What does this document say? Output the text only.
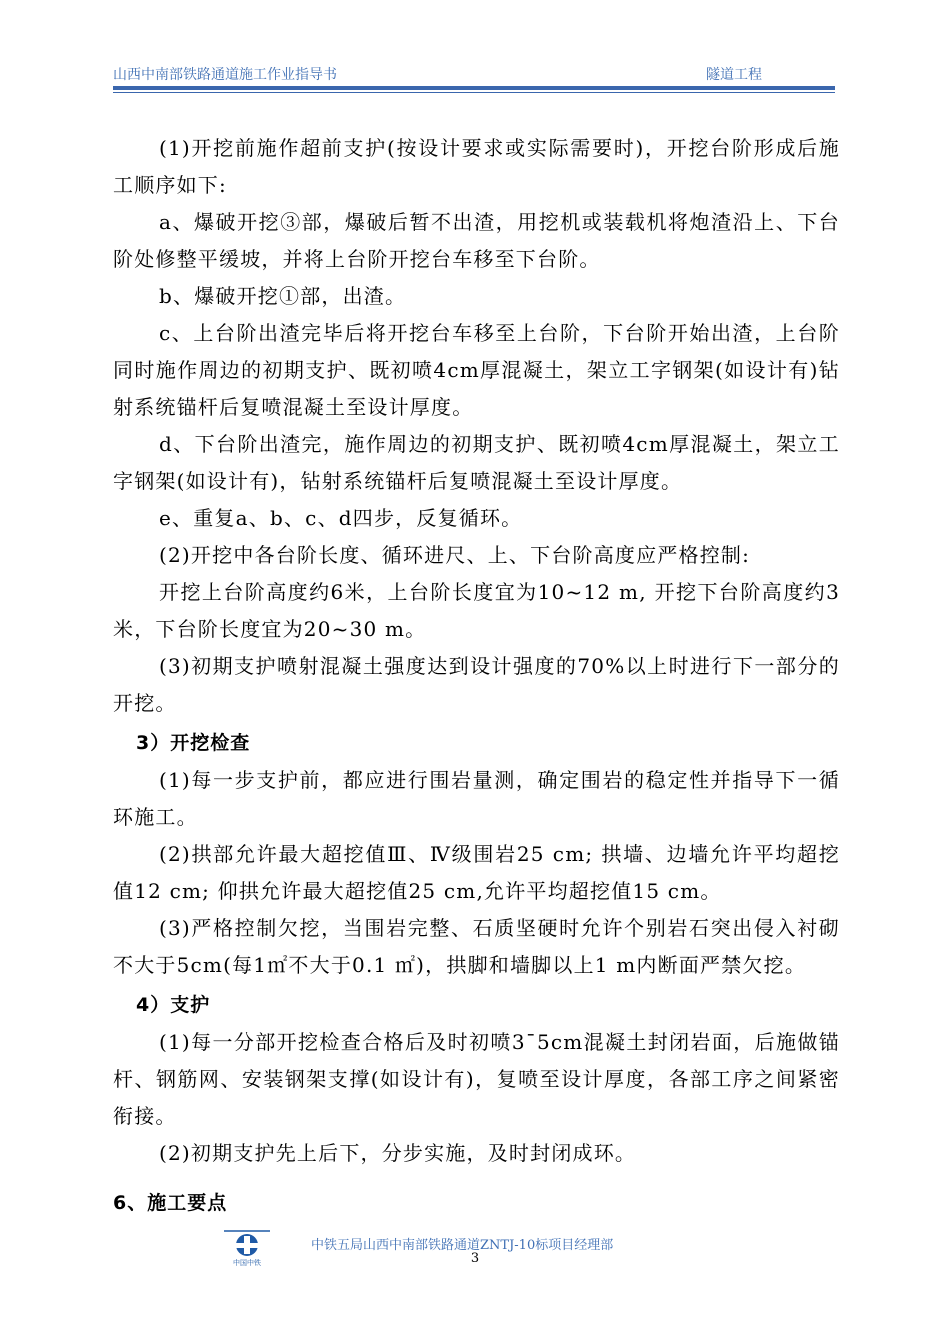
山西中南部铁路通道施工作业指导书	隧道工程

(1)开挖前施作超前支护(按设计要求或实际需要时)，开挖台阶形成后施工顺序如下:

a、爆破开挖③部，爆破后暂不出渣，用挖机或装载机将炮渣沿上、下台阶处修整平缓坡，并将上台阶开挖台车移至下台阶。

b、爆破开挖①部，出渣。

c、上台阶出渣完毕后将开挖台车移至上台阶，下台阶开始出渣，上台阶同时施作周边的初期支护、既初喷4cm厚混凝土，架立工字钢架(如设计有)钻射系统锚杆后复喷混凝土至设计厚度。

d、下台阶出渣完，施作周边的初期支护、既初喷4cm厚混凝土，架立工字钢架(如设计有)，钻射系统锚杆后复喷混凝土至设计厚度。

e、重复a、b、c、d四步，反复循环。

(2)开挖中各台阶长度、循环进尺、上、下台阶高度应严格控制:

开挖上台阶高度约6米，上台阶长度宜为10~12 m, 开挖下台阶高度约3米，下台阶长度宜为20~30 m。

(3)初期支护喷射混凝土强度达到设计强度的70%以上时进行下一部分的开挖。

3）开挖检查

(1)每一步支护前，都应进行围岩量测，确定围岩的稳定性并指导下一循环施工。

(2)拱部允许最大超挖值Ⅲ、Ⅳ级围岩25 cm; 拱墙、边墙允许平均超挖值12 cm; 仰拱允许最大超挖值25 cm,允许平均超挖值15 cm。

(3)严格控制欠挖，当围岩完整、石质坚硬时允许个别岩石突出侵入衬砌不大于5cm(每1㎡不大于0.1 ㎡)，拱脚和墙脚以上1 m内断面严禁欠挖。

4）支护

(1)每一分部开挖检查合格后及时初喷3¯5cm混凝土封闭岩面，后施做锚杆、钢筋网、安装钢架支撑(如设计有)，复喷至设计厚度，各部工序之间紧密衔接。

(2)初期支护先上后下，分步实施，及时封闭成环。

6、施工要点
中国中铁
中铁五局山西中南部铁路通道ZNTJ-10标项目经理部
3
